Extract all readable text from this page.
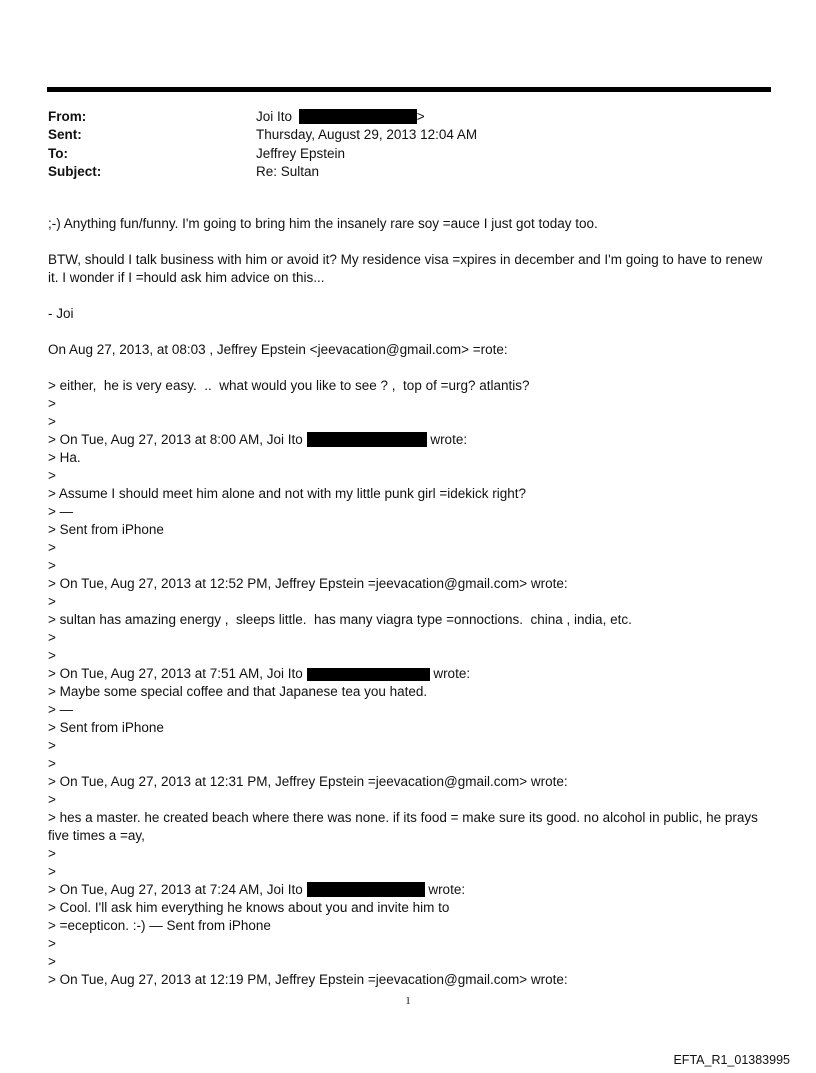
From:	Joi Ito	>
Sent:	Thursday, August 29, 2013 12:04 AM
To:	Jeffrey Epstein
Subject:	Re: Sultan
;-) Anything fun/funny. I'm going to bring him the insanely rare soy =auce I just got today too.
BTW, should I talk business with him or avoid it? My residence visa =xpires in december and I'm going to have to renew it. I wonder if I =hould ask him advice on this...
- Joi
On Aug 27, 2013, at 08:03 , Jeffrey Epstein <jeevacation@gmail.com> =rote:
> either,  he is very easy.  ..  what would you like to see ? ,  top of =urg? atlantis?
>
>
> On Tue, Aug 27, 2013 at 8:00 AM, Joi Ito	wrote:
> Ha.
>
> Assume I should meet him alone and not with my little punk girl =idekick right?
> —
> Sent from iPhone
>
>
> On Tue, Aug 27, 2013 at 12:52 PM, Jeffrey Epstein =jeevacation@gmail.com> wrote:
>
> sultan has amazing energy ,  sleeps little.  has many viagra type =onnoctions.  china , india, etc.
>
>
> On Tue, Aug 27, 2013 at 7:51 AM, Joi Ito	wrote:
> Maybe some special coffee and that Japanese tea you hated.
> —
> Sent from iPhone
>
>
> On Tue, Aug 27, 2013 at 12:31 PM, Jeffrey Epstein =jeevacation@gmail.com> wrote:
>
> hes a master. he created beach where there was none. if its food = make sure its good. no alcohol in public, he prays five times a =ay,
>
>
> On Tue, Aug 27, 2013 at 7:24 AM, Joi Ito	wrote:
> Cool. I'll ask him everything he knows about you and invite him to
> =ecepticon. :-) — Sent from iPhone
>
>
> On Tue, Aug 27, 2013 at 12:19 PM, Jeffrey Epstein =jeevacation@gmail.com> wrote:
1
EFTA_R1_01383995
